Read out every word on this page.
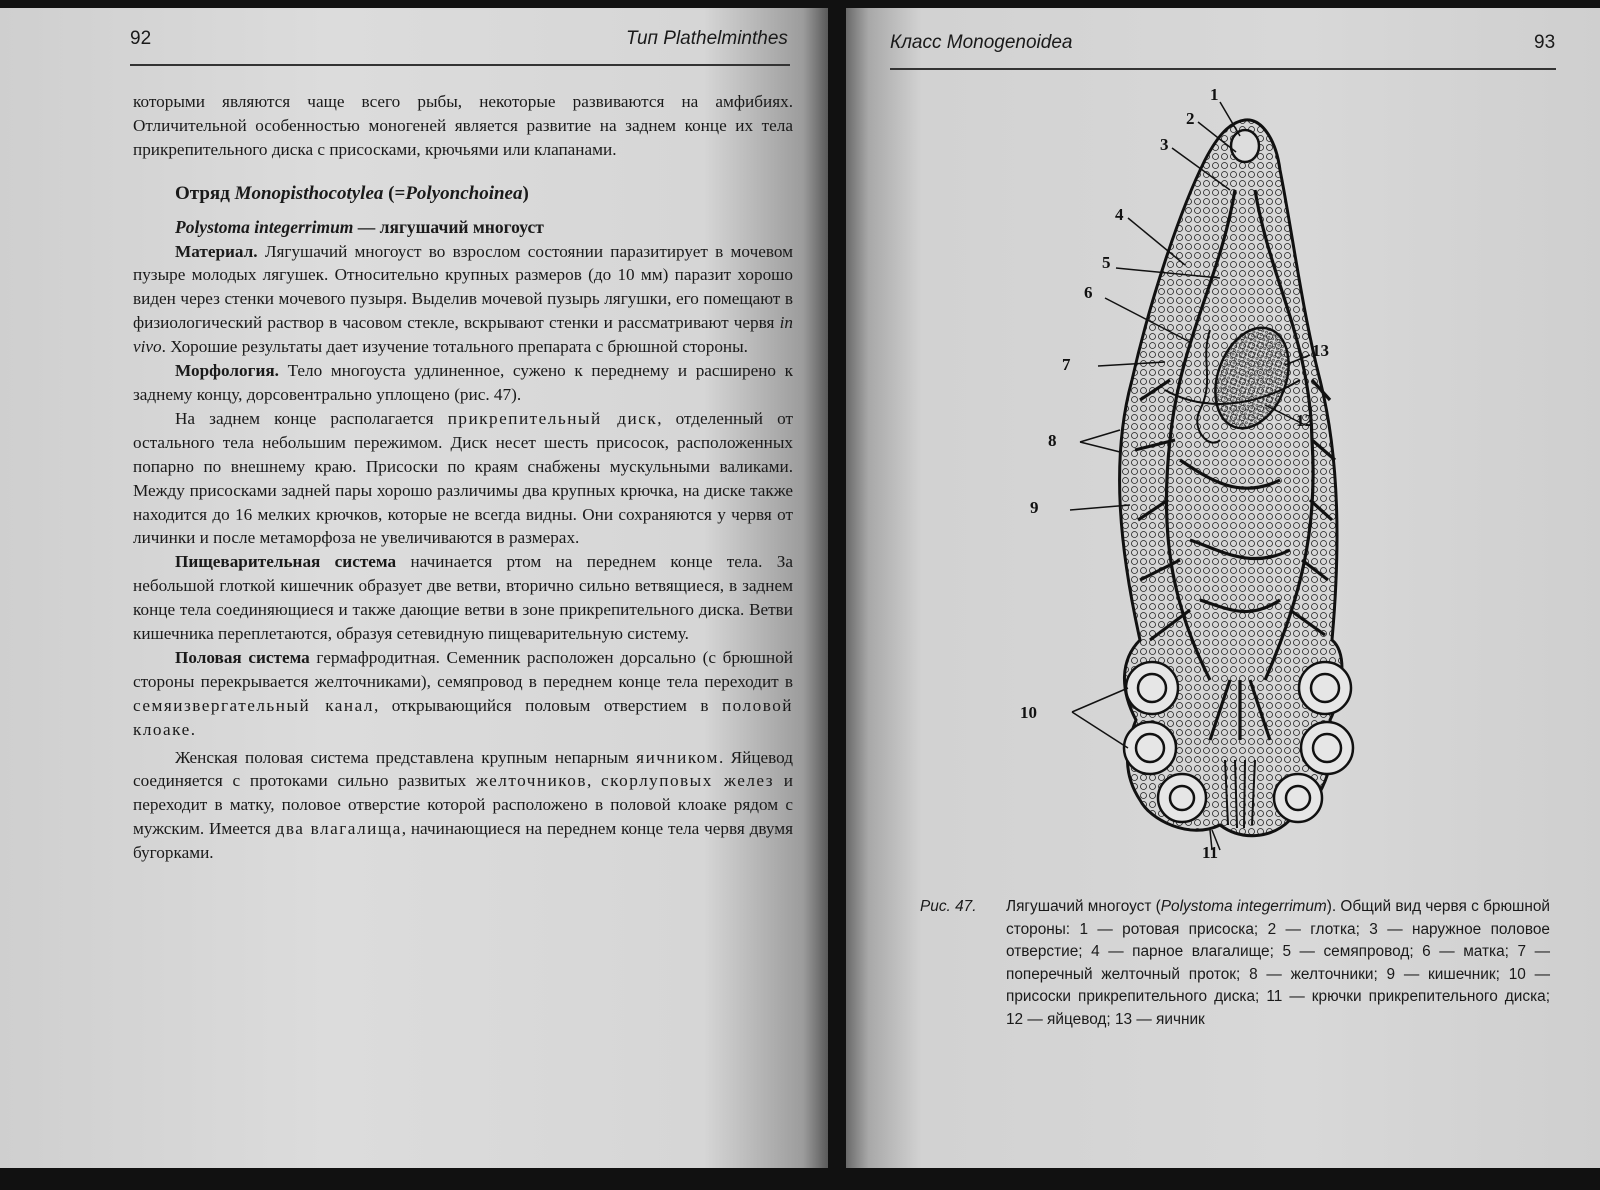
92	Тип Plathelminthes

которыми являются чаще всего рыбы, некоторые развиваются на амфибиях. Отличительной особенностью моногеней является развитие на заднем конце их тела прикрепительного диска с присосками, крючьями или клапанами.

Отряд Monopisthocotylea (=Polyonchoinea)
Polystoma integerrimum — лягушачий многоуст

Материал. Лягушачий многоуст во взрослом состоянии паразитирует в мочевом пузыре молодых лягушек. Относительно крупных размеров (до 10 мм) паразит хорошо виден через стенки мочевого пузыря. Выделив мочевой пузырь лягушки, его помещают в физиологический раствор в часовом стекле, вскрывают стенки и рассматривают червя in vivo. Хорошие результаты дает изучение тотального препарата с брюшной стороны.

Морфология. Тело многоуста удлиненное, сужено к переднему и расширено к заднему концу, дорсовентрально уплощено (рис. 47).

На заднем конце располагается прикрепительный диск, отделенный от остального тела небольшим пережимом. Диск несет шесть присосок, расположенных попарно по внешнему краю. Присоски по краям снабжены мускульными валиками. Между присосками задней пары хорошо различимы два крупных крючка, на диске также находится до 16 мелких крючков, которые не всегда видны. Они сохраняются у червя от личинки и после метаморфоза не увеличиваются в размерах.

Пищеварительная система начинается ртом на переднем конце тела. За небольшой глоткой кишечник образует две ветви, вторично сильно ветвящиеся, в заднем конце тела соединяющиеся и также дающие ветви в зоне прикрепительного диска. Ветви кишечника переплетаются, образуя сетевидную пищеварительную систему.

Половая система гермафродитная. Семенник расположен дорсально (с брюшной стороны перекрывается желточниками), семяпровод в переднем конце тела переходит в семяизвергательный канал, открывающийся половым отверстием в половой клоаке.

Женская половая система представлена крупным непарным яичником. Яйцевод соединяется с протоками сильно развитых желточников, скорлуповых желез и переходит в матку, половое отверстие которой расположено в половой клоаке рядом с мужским. Имеется два влагалища, начинающиеся на переднем конце тела червя двумя бугорками.

Класс Monogenoidea	93
1
2
3
4
5
6
7
8
9
10
11
12
13
Рис. 47. Лягушачий многоуст (Polystoma integerrimum). Общий вид червя с брюшной стороны: 1 — ротовая присоска; 2 — глотка; 3 — наружное половое отверстие; 4 — парное влагалище; 5 — семяпровод; 6 — матка; 7 — поперечный желточный проток; 8 — желточники; 9 — кишечник; 10 — присоски прикрепительного диска; 11 — крючки прикрепительного диска; 12 — яйцевод; 13 — яичник
